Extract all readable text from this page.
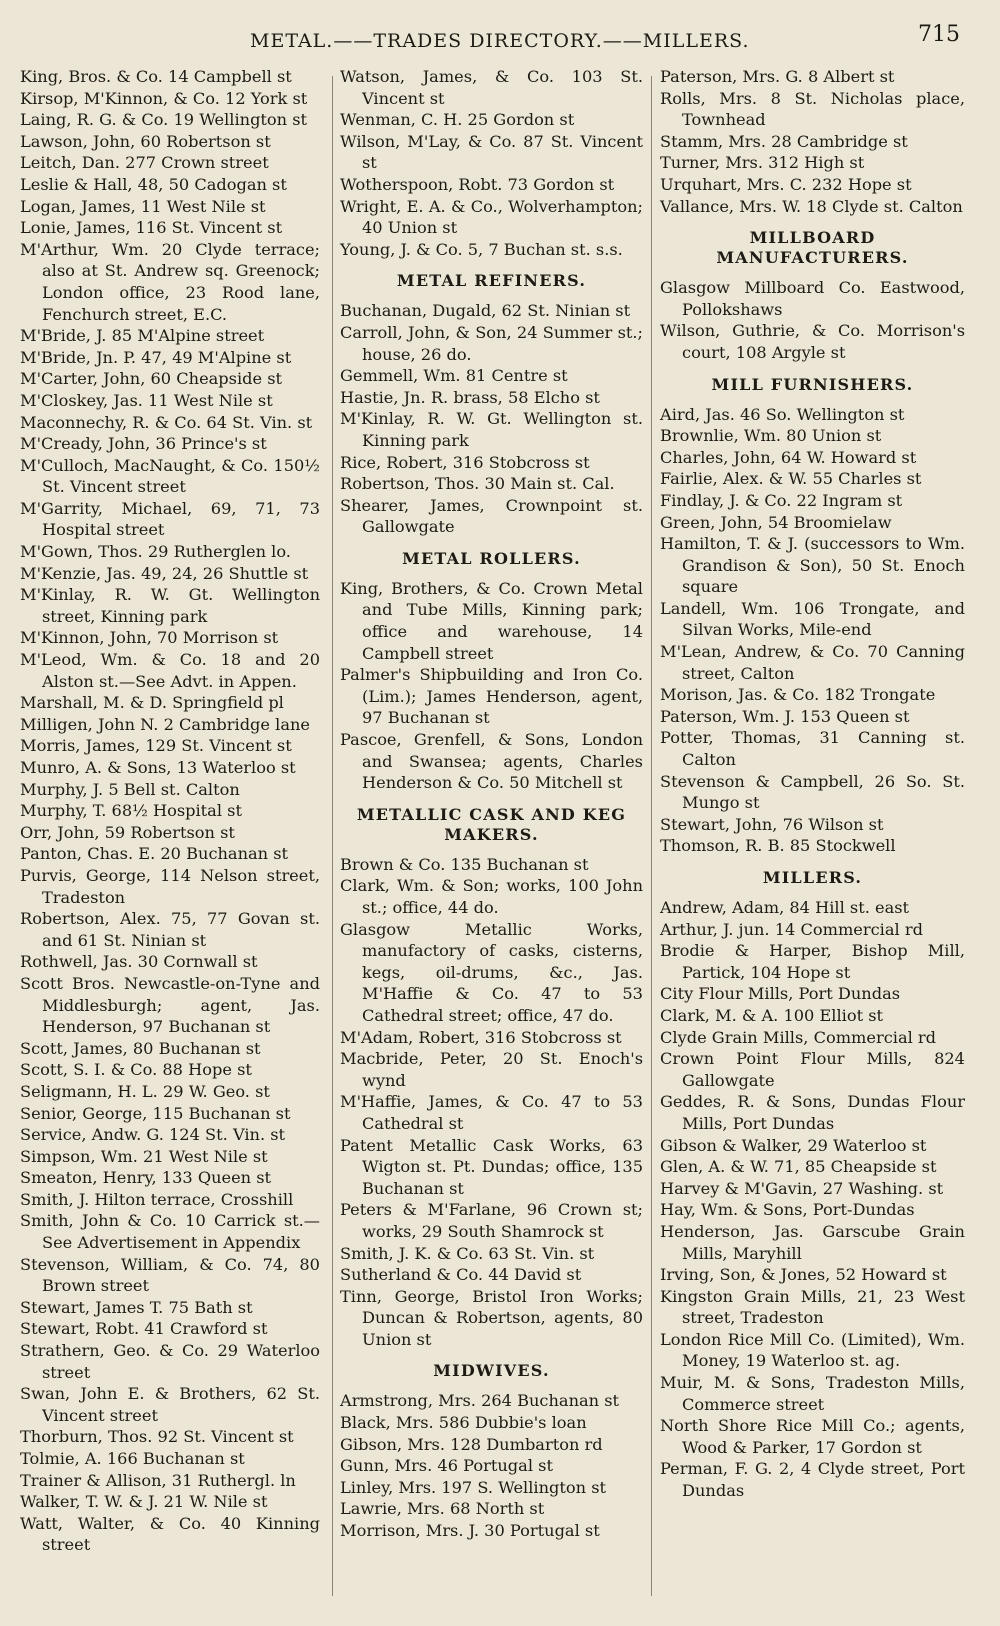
METAL.——TRADES DIRECTORY.——MILLERS.	715
King, Bros. & Co. 14 Campbell st
Kirsop, M'Kinnon, & Co. 12 York st
Laing, R. G. & Co. 19 Wellington st
Lawson, John, 60 Robertson st
Leitch, Dan. 277 Crown street
Leslie & Hall, 48, 50 Cadogan st
Logan, James, 11 West Nile st
Lonie, James, 116 St. Vincent st
M'Arthur, Wm. 20 Clyde terrace; also at St. Andrew sq. Greenock; London office, 23 Rood lane, Fenchurch street, E.C.
M'Bride, J. 85 M'Alpine street
M'Bride, Jn. P. 47, 49 M'Alpine st
M'Carter, John, 60 Cheapside st
M'Closkey, Jas. 11 West Nile st
Maconnechy, R. & Co. 64 St. Vin. st
M'Cready, John, 36 Prince's st
M'Culloch, MacNaught, & Co. 150½ St. Vincent street
M'Garrity, Michael, 69, 71, 73 Hospital street
M'Gown, Thos. 29 Rutherglen lo.
M'Kenzie, Jas. 49, 24, 26 Shuttle st
M'Kinlay, R. W. Gt. Wellington street, Kinning park
M'Kinnon, John, 70 Morrison st
M'Leod, Wm. & Co. 18 and 20 Alston st.—See Advt. in Appen.
Marshall, M. & D. Springfield pl
Milligen, John N. 2 Cambridge lane
Morris, James, 129 St. Vincent st
Munro, A. & Sons, 13 Waterloo st
Murphy, J. 5 Bell st. Calton
Murphy, T. 68½ Hospital st
Orr, John, 59 Robertson st
Panton, Chas. E. 20 Buchanan st
Purvis, George, 114 Nelson street, Tradeston
Robertson, Alex. 75, 77 Govan st. and 61 St. Ninian st
Rothwell, Jas. 30 Cornwall st
Scott Bros. Newcastle-on-Tyne and Middlesburgh; agent, Jas. Henderson, 97 Buchanan st
Scott, James, 80 Buchanan st
Scott, S. I. & Co. 88 Hope st
Seligmann, H. L. 29 W. Geo. st
Senior, George, 115 Buchanan st
Service, Andw. G. 124 St. Vin. st
Simpson, Wm. 21 West Nile st
Smeaton, Henry, 133 Queen st
Smith, J. Hilton terrace, Crosshill
Smith, John & Co. 10 Carrick st.—See Advertisement in Appendix
Stevenson, William, & Co. 74, 80 Brown street
Stewart, James T. 75 Bath st
Stewart, Robt. 41 Crawford st
Strathern, Geo. & Co. 29 Waterloo street
Swan, John E. & Brothers, 62 St. Vincent street
Thorburn, Thos. 92 St. Vincent st
Tolmie, A. 166 Buchanan st
Trainer & Allison, 31 Ruthergl. ln
Walker, T. W. & J. 21 W. Nile st
Watt, Walter, & Co. 40 Kinning street
Watson, James, & Co. 103 St. Vincent st
Wenman, C. H. 25 Gordon st
Wilson, M'Lay, & Co. 87 St. Vincent st
Wotherspoon, Robt. 73 Gordon st
Wright, E. A. & Co., Wolverhampton; 40 Union st
Young, J. & Co. 5, 7 Buchan st. s.s.
METAL REFINERS.
Buchanan, Dugald, 62 St. Ninian st
Carroll, John, & Son, 24 Summer st.; house, 26 do.
Gemmell, Wm. 81 Centre st
Hastie, Jn. R. brass, 58 Elcho st
M'Kinlay, R. W. Gt. Wellington st. Kinning park
Rice, Robert, 316 Stobcross st
Robertson, Thos. 30 Main st. Cal.
Shearer, James, Crownpoint st. Gallowgate
METAL ROLLERS.
King, Brothers, & Co. Crown Metal and Tube Mills, Kinning park; office and warehouse, 14 Campbell street
Palmer's Shipbuilding and Iron Co. (Lim.); James Henderson, agent, 97 Buchanan st
Pascoe, Grenfell, & Sons, London and Swansea; agents, Charles Henderson & Co. 50 Mitchell st
METALLIC CASK AND KEG MAKERS.
Brown & Co. 135 Buchanan st
Clark, Wm. & Son; works, 100 John st.; office, 44 do.
Glasgow Metallic Works, manufactory of casks, cisterns, kegs, oil-drums, &c., Jas. M'Haffie & Co. 47 to 53 Cathedral street; office, 47 do.
M'Adam, Robert, 316 Stobcross st
Macbride, Peter, 20 St. Enoch's wynd
M'Haffie, James, & Co. 47 to 53 Cathedral st
Patent Metallic Cask Works, 63 Wigton st. Pt. Dundas; office, 135 Buchanan st
Peters & M'Farlane, 96 Crown st; works, 29 South Shamrock st
Smith, J. K. & Co. 63 St. Vin. st
Sutherland & Co. 44 David st
Tinn, George, Bristol Iron Works; Duncan & Robertson, agents, 80 Union st
MIDWIVES.
Armstrong, Mrs. 264 Buchanan st
Black, Mrs. 586 Dubbie's loan
Gibson, Mrs. 128 Dumbarton rd
Gunn, Mrs. 46 Portugal st
Linley, Mrs. 197 S. Wellington st
Lawrie, Mrs. 68 North st
Morrison, Mrs. J. 30 Portugal st
Paterson, Mrs. G. 8 Albert st
Rolls, Mrs. 8 St. Nicholas place, Townhead
Stamm, Mrs. 28 Cambridge st
Turner, Mrs. 312 High st
Urquhart, Mrs. C. 232 Hope st
Vallance, Mrs. W. 18 Clyde st. Calton
MILLBOARD MANUFACTURERS.
Glasgow Millboard Co. Eastwood, Pollokshaws
Wilson, Guthrie, & Co. Morrison's court, 108 Argyle st
MILL FURNISHERS.
Aird, Jas. 46 So. Wellington st
Brownlie, Wm. 80 Union st
Charles, John, 64 W. Howard st
Fairlie, Alex. & W. 55 Charles st
Findlay, J. & Co. 22 Ingram st
Green, John, 54 Broomielaw
Hamilton, T. & J. (successors to Wm. Grandison & Son), 50 St. Enoch square
Landell, Wm. 106 Trongate, and Silvan Works, Mile-end
M'Lean, Andrew, & Co. 70 Canning street, Calton
Morison, Jas. & Co. 182 Trongate
Paterson, Wm. J. 153 Queen st
Potter, Thomas, 31 Canning st. Calton
Stevenson & Campbell, 26 So. St. Mungo st
Stewart, John, 76 Wilson st
Thomson, R. B. 85 Stockwell
MILLERS.
Andrew, Adam, 84 Hill st. east
Arthur, J. jun. 14 Commercial rd
Brodie & Harper, Bishop Mill, Partick, 104 Hope st
City Flour Mills, Port Dundas
Clark, M. & A. 100 Elliot st
Clyde Grain Mills, Commercial rd
Crown Point Flour Mills, 824 Gallowgate
Geddes, R. & Sons, Dundas Flour Mills, Port Dundas
Gibson & Walker, 29 Waterloo st
Glen, A. & W. 71, 85 Cheapside st
Harvey & M'Gavin, 27 Washing. st
Hay, Wm. & Sons, Port-Dundas
Henderson, Jas. Garscube Grain Mills, Maryhill
Irving, Son, & Jones, 52 Howard st
Kingston Grain Mills, 21, 23 West street, Tradeston
London Rice Mill Co. (Limited), Wm. Money, 19 Waterloo st. ag.
Muir, M. & Sons, Tradeston Mills, Commerce street
North Shore Rice Mill Co.; agents, Wood & Parker, 17 Gordon st
Perman, F. G. 2, 4 Clyde street, Port Dundas
